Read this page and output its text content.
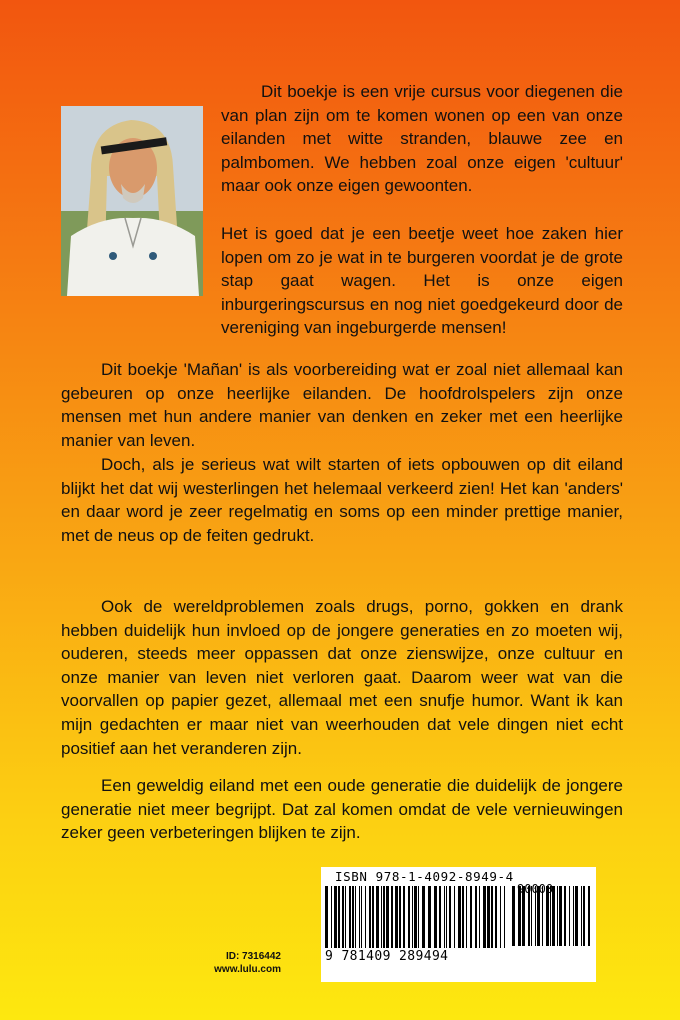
Dit boekje is een vrije cursus voor diegenen die van plan zijn om te komen wonen op een van onze eilanden met witte stranden, blauwe zee en palmbomen. We hebben zoal onze eigen 'cultuur' maar ook onze eigen gewoonten.

Het is goed dat je een beetje weet hoe zaken hier lopen om zo je wat in te burgeren voordat je de grote stap gaat wagen. Het is onze eigen inburgeringscursus en nog niet goedgekeurd door de vereniging van ingeburgerde mensen!

Dit boekje 'Mañan' is als voorbereiding wat er zoal niet allemaal kan gebeuren op onze heerlijke eilanden. De hoofdrolspelers zijn onze mensen met hun andere manier van denken en zeker met een heerlijke manier van leven.

Doch, als je serieus wat wilt starten of iets opbouwen op dit eiland blijkt het dat wij westerlingen het helemaal verkeerd zien! Het kan 'anders' en daar word je zeer regelmatig en soms op een minder prettige manier, met de neus op de feiten gedrukt.

Ook de wereldproblemen zoals drugs, porno, gokken en drank hebben duidelijk hun invloed op de jongere generaties en zo moeten wij, ouderen, steeds meer oppassen dat onze zienswijze, onze cultuur en onze manier van leven niet verloren gaat. Daarom weer wat van die voorvallen op papier gezet, allemaal met een snufje humor. Want ik kan mijn gedachten er maar niet van weerhouden dat vele dingen niet echt positief aan het veranderen zijn.

Een geweldig eiland met een oude generatie die duidelijk de jongere generatie niet meer begrijpt. Dat zal komen omdat de vele vernieuwingen zeker geen verbeteringen blijken te zijn.

ID: 7316442
www.lulu.com
ISBN 978-1-4092-8949-4
9 781409 289494
